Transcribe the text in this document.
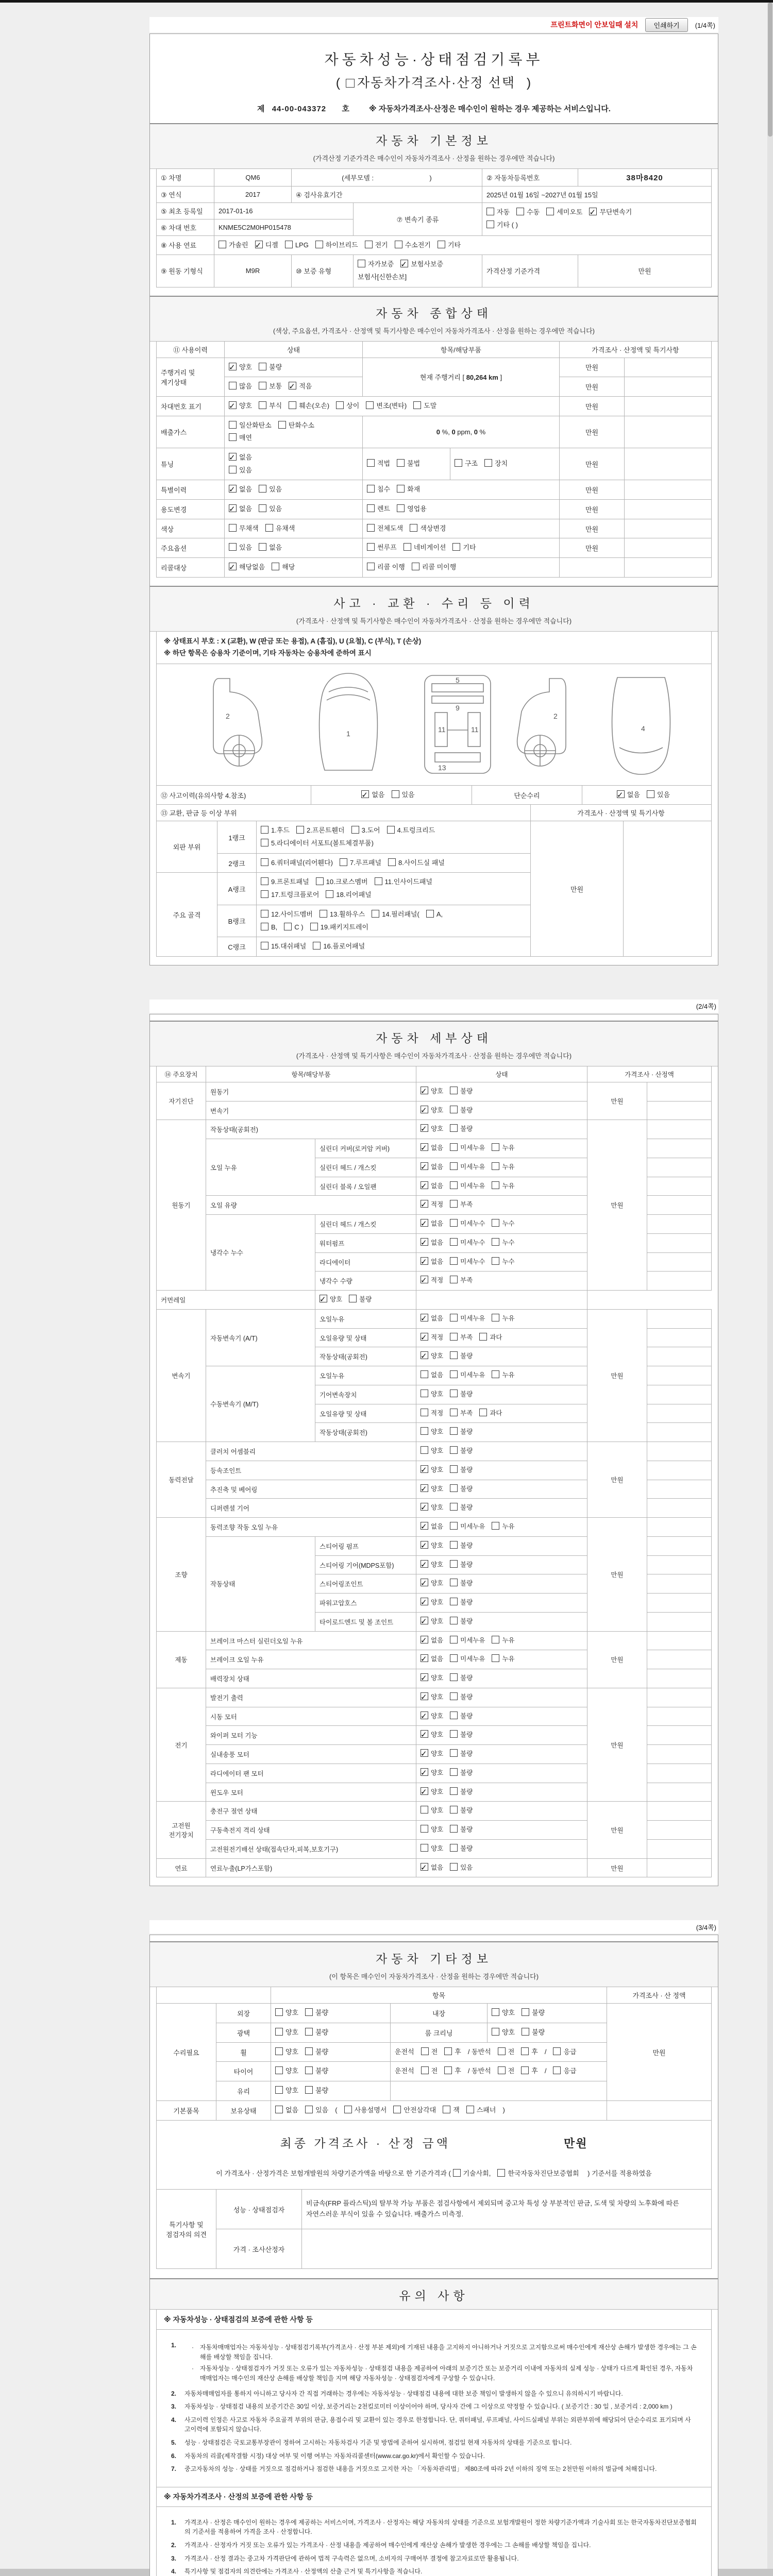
프린트화면이 안보일때 설치	인쇄하기	(1/4쪽)
자동차성능·상태점검기록부
( 자동차가격조사·산정 선택 )
제 44-00-043372 호	※ 자동차가격조사·산정은 매수인이 원하는 경우 제공하는 서비스입니다.
자동차 기본정보
(가격산정 기준가격은 매수인이 자동차가격조사 · 산정을 원하는 경우에만 적습니다)
① 차명	QM6	(세부모델 :                              )		② 자동차등록번호	38마8420
③ 연식	2017	④ 검사유효기간		2025년 01월 16일 ~2027년 01월 15일	
⑤ 최초 등록일	2017-01-16		⑦ 변속기 종류	자동 수동 세미오토 ✓ 무단변속기
기타 ( )
⑥ 차대 번호	KNME5C2M0HP015478				
⑧ 사용 연료	가솔린 ✓ 디젤 LPG 하이브리드 전기 수소전기 기타
⑨ 원동 기형식	M9R	⑩ 보증 유형	자가보증 ✓ 보험사보증보험사[신한손보]	가격산정 기준가격	만원
자동차 종합상태
(색상, 주요옵션, 가격조사 · 산정액 및 특기사항은 매수인이 자동차가격조사 · 산정을 원하는 경우에만 적습니다)
⑪ 사용이력	상태	항목/해당부품		가격조사 · 산정액 및 특기사항	
주행거리 및 계기상태	✓양호 불량	현재 주행거리 [ 80,264 km ]		만원	
	많음 보통 ✓ 적음			만원	
차대번호 표기	✓양호 부식 훼손(오손) 상이 변조(변타) 도말			만원	
배출가스	일산화탄소 탄화수소
매연	0 %, 0 ppm, 0 %		만원	
튜닝	✓없음
있음	적법 불법	구조 장치	만원	
특별이력	✓없음 있음	침수 화재		만원	
용도변경	✓없음 있음	렌트 영업용		만원	
색상	무채색 유채색	전체도색 색상변경		만원	
주요옵션	있음 없음	썬루프 네비게이션 기타		만원	
리콜대상	✓해당없음 해당	리콜 이행 리콜 미이행			
사고 · 교환 · 수리 등 이력
(가격조사 · 산정액 및 특기사항은 매수인이 자동차가격조사 · 산정을 원하는 경우에만 적습니다)
※ 상태표시 부호 : X (교환), W (판금 또는 용접), A (흠집), U (요철), C (부식), T (손상)
※ 하단 항목은 승용차 기준이며, 기타 자동차는 승용차에 준하여 표시
2
1
5
9
11	11
13
4
2
⑫ 사고이력(유의사항 4.참조)	✓없음	있음	단순수리	✓없음	있음
⑬ 교환, 판금 등 이상 부위	가격조사 · 산정액 및 특기사항
외판 부위	1랭크	1.후드 2.프론트휀더 3.도어 4.트렁크리드
5.라디에이터 서포트(볼트체결부품)	만원	
	2랭크	6.쿼터패널(리어휀다) 7.루프패널 8.사이드실 패널		
주요 골격	A랭크	9.프론트패널 10.크로스멤버 11.인사이드패널
17.트렁크플로어 18.리어패널		
	B랭크	12.사이드멤버 13.휠하우스 14.필러패널( A,
B, C ) 19.패키지트레이		
	C랭크	15.대쉬패널 16.플로어패널		
(2/4쪽)
자동차 세부상태
(가격조사 · 산정액 및 특기사항은 매수인이 자동차가격조사 · 산정을 원하는 경우에만 적습니다)
⑭ 주요장치	항목/해당부품		상태	가격조사 · 산정액	
자기진단	원동기	✓양호 불량	만원	
	변속기	✓양호 불량	
원동기	작동상태(공회전)	✓양호 불량	만원	
	오일 누유	실린더 커버(로커암 커버)	✓없음 미세누유 누유	
		실린더 헤드 / 개스킷	✓없음 미세누유 누유	
		실린더 블록 / 오일팬	✓없음 미세누유 누유	
	오일 유량	✓적정 부족	
	냉각수 누수	실린더 헤드 / 개스킷	✓없음 미세누수 누수	
		워터펌프	✓없음 미세누수 누수	
		라디에이터	✓없음 미세누수 누수	
		냉각수 수량	✓적정 부족	
커먼레일	✓양호 불량	
변속기	자동변속기 (A/T)	오일누유	✓없음 미세누유 누유	만원	
		오일유량 및 상태	✓적정 부족 과다	
		작동상태(공회전)	✓양호 불량	
	수동변속기 (M/T)	오일누유	없음 미세누유 누유		
		기어변속장치	양호 불량		
		오일유량 및 상태	적정 부족 과다		
		작동상태(공회전)	양호 불량		
동력전달	클러치 어셈블리		양호 불량	만원	
	등속조인트	✓양호 불량	
	추진축 및 베어링	✓양호 불량	
	디퍼렌셜 기어	✓양호 불량	
조향	동력조향 작동 오일 누유	✓없음 미세누유 누유	만원	
	작동상태	스티어링 펌프	✓양호 불량	
		스티어링 기어(MDPS포함)	✓양호 불량	
		스티어링조인트	✓양호 불량	
		파워고압호스	✓양호 불량	
		타이로드엔드 및 볼 조인트	✓양호 불량	
제동	브레이크 마스터 실린더오일 누유	✓없음 미세누유 누유	만원	
	브레이크 오일 누유	✓없음 미세누유 누유	
	배력장치 상태	✓양호 불량	
전기	발전기 출력	✓양호 불량	만원	
	시동 모터	✓양호 불량	
	와이퍼 모터 기능	✓양호 불량	
	실내송풍 모터	✓양호 불량	
	라디에이터 팬 모터	✓양호 불량	
	윈도우 모터	✓양호 불량	
고전원 전기장치	충전구 절연 상태		양호 불량	만원	
	구동축전지 격리 상태		양호 불량		
	고전원전기배선 상태(접속단자,피복,보호기구)		양호 불량		
연료	연료누출(LP가스포함)	✓없음 있음	만원	
(3/4쪽)
자동차 기타정보
(이 항목은 매수인이 자동차가격조사 · 산정을 원하는 경우에만 적습니다)
		항목			가격조사 · 산 정액
수리필요	외장	양호 불량	내장	양호 불량	만원
	광택	양호 불량	룸 크리닝	양호 불량	
	휠	양호 불량	운전석 전 후 / 동반석 전 후 / 응급		
	타이어	양호 불량	운전석 전 후 / 동반석 전 후 / 응급		
	유리	양호 불량			
기본품목	보유상태	없음 있음 ( 사용설명서 안전삼각대 잭 스패너 )			
최종 가격조사 · 산정 금액	만원
이 가격조사 · 산정가격은 보험개발원의 차량기준가액을 바탕으로 한 기준가격과 ( 기술사회,	한국자동차진단보증협회 ) 기준서를 적용하였음
특기사항 및 점검자의 의견	성능 · 상태점검자	비금속(FRP 플라스틱)의 탈부착 가능 부품은 점검사항에서 제외되며 중고차 특성 상 부분적인 판금, 도색 및 차량의 노후화에 따른 자연스러운 부식이 있을 수 있습니다. 배출가스 미측정.
	가격 · 조사산정자	
유의 사항
※ 자동차성능 · 상태점검의 보증에 관한 사항 등
1.	·	자동차매매업자는 자동차성능 · 상태점검기록부(가격조사 · 산정 부분 제외)에 기재된 내용을 고지하지 아니하거나 거짓으로 고지함으로써 매수인에게 재산상 손해가 발생한 경우에는 그 손해를 배상할 책임을 집니다.
·	자동차성능 · 상태점검자가 거짓 또는 오류가 있는 자동차성능 · 상태점검 내용을 제공하여 아래의 보증기간 또는 보증거리 이내에 자동차의 실제 성능 · 상태가 다르게 확인된 경우, 자동차매매업자는 매수인의 재산상 손해를 배상할 책임을 지며 해당 자동차성능 · 상태점검자에게 구상할 수 있습니다.
2.	자동차매매업자를 통하지 아니하고 당사자 간 직접 거래하는 경우에는 자동차성능 · 상태점검 내용에 대한 보증 책임이 발생하지 않을 수 있으니 유의하시기 바랍니다.
3.	자동차성능 · 상태점검 내용의 보증기간은 30일 이상, 보증거리는 2천킬로미터 이상이어야 하며, 당사자 간에 그 이상으로 약정할 수 있습니다. ( 보증기간 : 30 일 , 보증거리 : 2,000 km )
4.	사고이력 인정은 사고로 자동차 주요골격 부위의 판금, 용접수리 및 교환이 있는 경우로 한정합니다. 단, 쿼터패널, 루프패널, 사이드실패널 부위는 외판부위에 해당되어 단순수리로 표기되며 사고이력에 포함되지 않습니다.
5.	성능 · 상태점검은 국토교통부장관이 정하여 고시하는 자동차검사 기준 및 방법에 준하여 실시하며, 점검일 현재 자동차의 상태를 기준으로 합니다.
6.	자동차의 리콜(제작결함 시정) 대상 여부 및 이행 여부는 자동차리콜센터(www.car.go.kr)에서 확인할 수 있습니다.
7.	중고자동차의 성능 · 상태를 거짓으로 점검하거나 점검한 내용을 거짓으로 고지한 자는 「자동차관리법」 제80조에 따라 2년 이하의 징역 또는 2천만원 이하의 벌금에 처해집니다.
※ 자동차가격조사 · 산정의 보증에 관한 사항 등
1.	가격조사 · 산정은 매수인이 원하는 경우에 제공하는 서비스이며, 가격조사 · 산정자는 해당 자동차의 상태를 기준으로 보험개발원이 정한 차량기준가액과 기술사회 또는 한국자동차진단보증협회의 기준서를 적용하여 가격을 조사 · 산정합니다.
2.	가격조사 · 산정자가 거짓 또는 오류가 있는 가격조사 · 산정 내용을 제공하여 매수인에게 재산상 손해가 발생한 경우에는 그 손해를 배상할 책임을 집니다.
3.	가격조사 · 산정 결과는 중고차 가격판단에 관하여 법적 구속력은 없으며, 소비자의 구매여부 결정에 참고자료로만 활용됩니다.
4.	특기사항 및 점검자의 의견란에는 가격조사 · 산정액의 산출 근거 및 특기사항을 적습니다.
